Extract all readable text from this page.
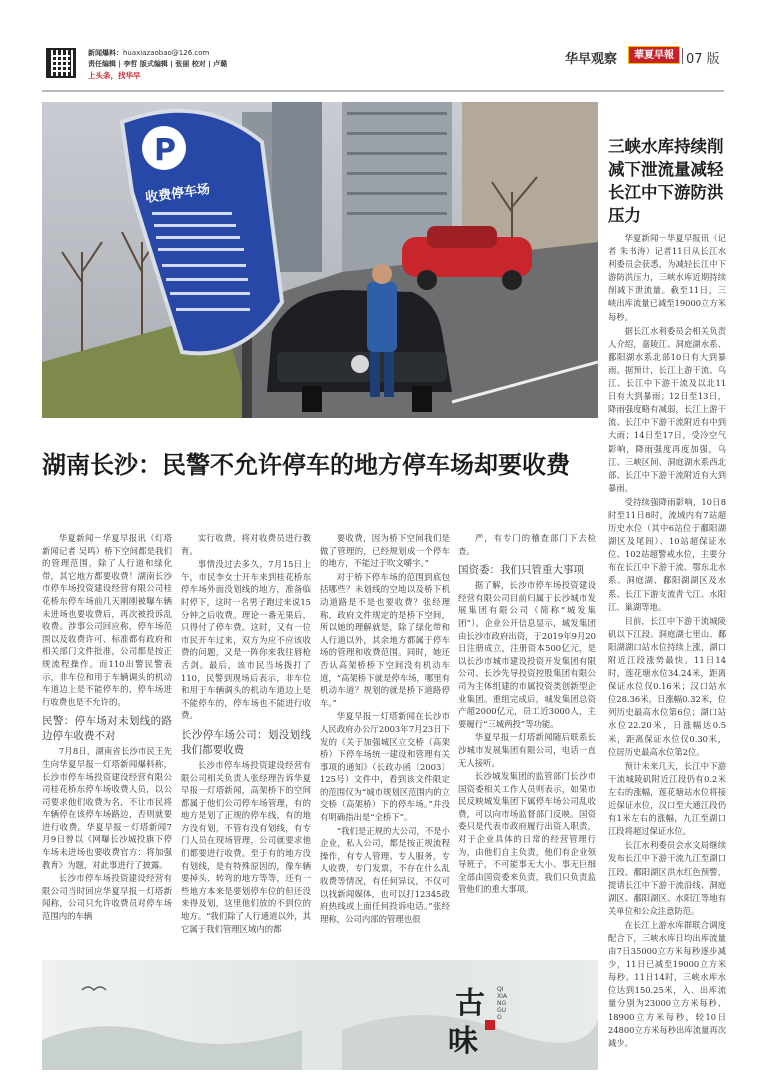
新闻爆料：huaxiazaobao@126.com
责任编辑 | 李哲 版式编辑 | 张丽 校对 | 卢璐
上头条，找华早
华早观察	華夏早報 07 版
P
收费停车场
三峡水库持续削减下泄流量减轻长江中下游防洪压力

华夏新闻－华夏早报讯（记者 朱书涛）记者11日从长江水利委员会获悉，为减轻长江中下游防洪压力，三峡水库近期持续削减下泄流量。截至11日，三峡出库流量已减至19000立方米每秒。

据长江水利委员会相关负责人介绍，嘉陵江、洞庭湖水系、鄱阳湖水系北部10日有大到暴雨。据预计，长江上游干流、乌江、长江中下游干流及以北11日有大到暴雨；12日至13日，降雨强度略有减弱，长江上游干流、长江中下游干流附近有中到大雨；14日至17日，受冷空气影响，降雨强度再度加强，乌江、三峡区间、洞庭湖水系西北部、长江中下游干流附近有大到暴雨。

受持续强降雨影响，10日8时至11日8时，流域内有7站超历史水位（其中6站位于鄱阳湖湖区及尾闾）、10站超保证水位、102站超警戒水位，主要分布在长江中下游干流、鄂东北水系、洞庭湖、鄱阳湖湖区及水系、长江下游支流青弋江、水阳江、巢湖等地。

目前，长江中下游干流城陵矶以下江段、洞庭湖七里山、鄱阳湖湖口站水位持续上涨，湖口附近江段涨势最快。11日14时，莲花塘水位34.24米，距离保证水位仅0.16米；汉口站水位28.36米，日涨幅0.32米，位列历史最高水位第6位；湖口站水位22.20米，日涨幅达0.5米，距离保证水位仅0.30米，位居历史最高水位第2位。

预计未来几天，长江中下游干流城陵矶附近江段仍有0.2米左右的涨幅，莲花塘站水位将接近保证水位，汉口至大通江段仍有1米左右的涨幅，九江至湖口江段将超过保证水位。

长江水利委员会水文局继续发布长江中下游干流九江至湖口江段、鄱阳湖区洪水红色预警，提请长江中下游干流沿线、洞庭湖区、鄱阳湖区、水阳江等地有关单位和公众注意防范。

在长江上游水库群联合调度配合下，三峡水库日均出库流量由7日35000立方米每秒逐步减少，11日已减至19000立方米每秒。11日14时，三峡水库水位达到150.25米，入、出库流量分别为23000立方米每秒、18900立方米每秒，较10日24800立方米每秒出库流量再次减少。

湖南长沙：民警不允许停车的地方停车场却要收费

华夏新闻－华夏早报讯（灯塔新闻记者 吴鸣）桥下空间都是我们的管理范围，除了人行道和绿化带，其它地方都要收费！湖南长沙市停车场投资建设经营有限公司桂花桥东停车场前几天刚刚被曝车辆未进场也要收费后，再次被投诉乱收费。涉事公司回应称，停车场范围以及收费许可、标准都有政府和相关部门文件批准，公司都是按正规流程操作。而110出警民警表示，非车位和用于车辆调头的机动车道边上是不能停车的，停车场进行收费也是不允许的。

民警：停车场对未划线的路边停车收费不对

7月8日，湖南省长沙市民王先生向华夏早报－灯塔新闻爆料称，长沙市停车场投资建设经营有限公司桂花桥东停车场收费人员，以公司要求他们收费为名，不让市民将车辆停在该停车场路边，否则就要进行收费。华夏早报－灯塔新闻7月9日曾以《网曝长沙城投旗下停车场未进场也要收费官方：将加强教育》为题，对此事进行了披露。

长沙市停车场投资建设经营有限公司当时回应华夏早报－灯塔新闻称，公司只允许收费员对停车场范围内的车辆

实行收费，将对收费员进行教育。

事情没过去多久，7月15日上午，市民李女士开车来到桂花桥东停车场外面没划线的地方，准备临时停下，这时一名男子跑过来说15分钟之后收费。理论一番无果后，只得付了停车费。这时，又有一位市民开车过来，双方为应不应该收费的问题，又是一阵你来我往唇枪舌剑。最后，该市民当场拨打了110，民警到现场后表示，非车位和用于车辆调头的机动车道边上是不能停车的，停车场也不能进行收费。

长沙停车场公司：划没划线我们都要收费

长沙市停车场投资建设经营有限公司相关负责人张经理告诉华夏早报－灯塔新闻，高架桥下的空间都属于他们公司停车场管理，有的地方是划了正规的停车线，有的地方没有划，不管有没有划线，有专门人员在现场管理，公司就要求他们都要进行收费。至于有的地方没有划线，是有特殊原因的，像车辆要掉头、转弯的地方等等，还有一些地方本来是要划停车位的但还没来得及划，这里他们放的不到位的地方。“我们除了人行通道以外，其它属于我们管理区域内的都

要收费，因为桥下空间我们是做了管理的，已经规划成一个停车的地方，不能过于吹文嚼字。”

对于桥下停车场的范围到底包括哪些？未划线的空地以及桥下机动道路是不是也要收费？张经理称，政府文件规定的是桥下空间，所以她的理解就是，除了绿化带和人行道以外，其余地方都属于停车场的管理和收费范围。同时，她还否认高架桥桥下空间没有机动车道，“高架桥下就是停车场，哪里有机动车道？规划的就是桥下道路停车。”

华夏早报－灯塔新闻在长沙市人民政府办公厅2003年7月23日下发的《关于加强城区立交桥（高架桥）下停车场统一建设和管理有关事项的通知》（长政办函〔2003〕125号）文件中，看到该文件限定的范围仅为“城市规划区范围内的立交桥（高架桥）下的停车场。”并没有明确指出是“全桥下”。

“我们是正规的大公司，不是小企业，私人公司，都是按正规流程操作，有专人管理、专人服务，专人收费，专门发票，不存在什么乱收费等情况，有任何异议，不仅可以找新闻媒体，也可以打12345政府热线或上面任何投诉电话。”张经理称，公司内部的管理也很

严，有专门的稽查部门下去检查。

国资委：我们只管重大事项

据了解，长沙市停车场投资建设经营有限公司目前归属于长沙城市发展集团有限公司（简称“城发集团”）。企业公开信息显示，城发集团由长沙市政府出资，于2019年9月20日注册成立，注册资本500亿元，是以长沙市城市建设投资开发集团有限公司、长沙先导投资控股集团有限公司为主体组建的市属投资类创新型企业集团。重组完成后，城发集团总资产超2000亿元，员工近3000人，主要履行“三城两投”等功能。

华夏早报－灯塔新闻随后联系长沙城市发展集团有限公司，电话一直无人接听。

长沙城发集团的监管部门长沙市国资委相关工作人员则表示，如果市民反映城发集团下属停车场公司乱收费，可以向市场监督部门反映。国资委只是代表市政府履行出资人职责，对于企业具体的日常的经营管理行为，由他们自主负责，他们有企业领导班子，不可能事无大小、事无巨细全部由国资委来负责，我们只负责监管他们的重大事项。

古
味
QIXIANGGUO
